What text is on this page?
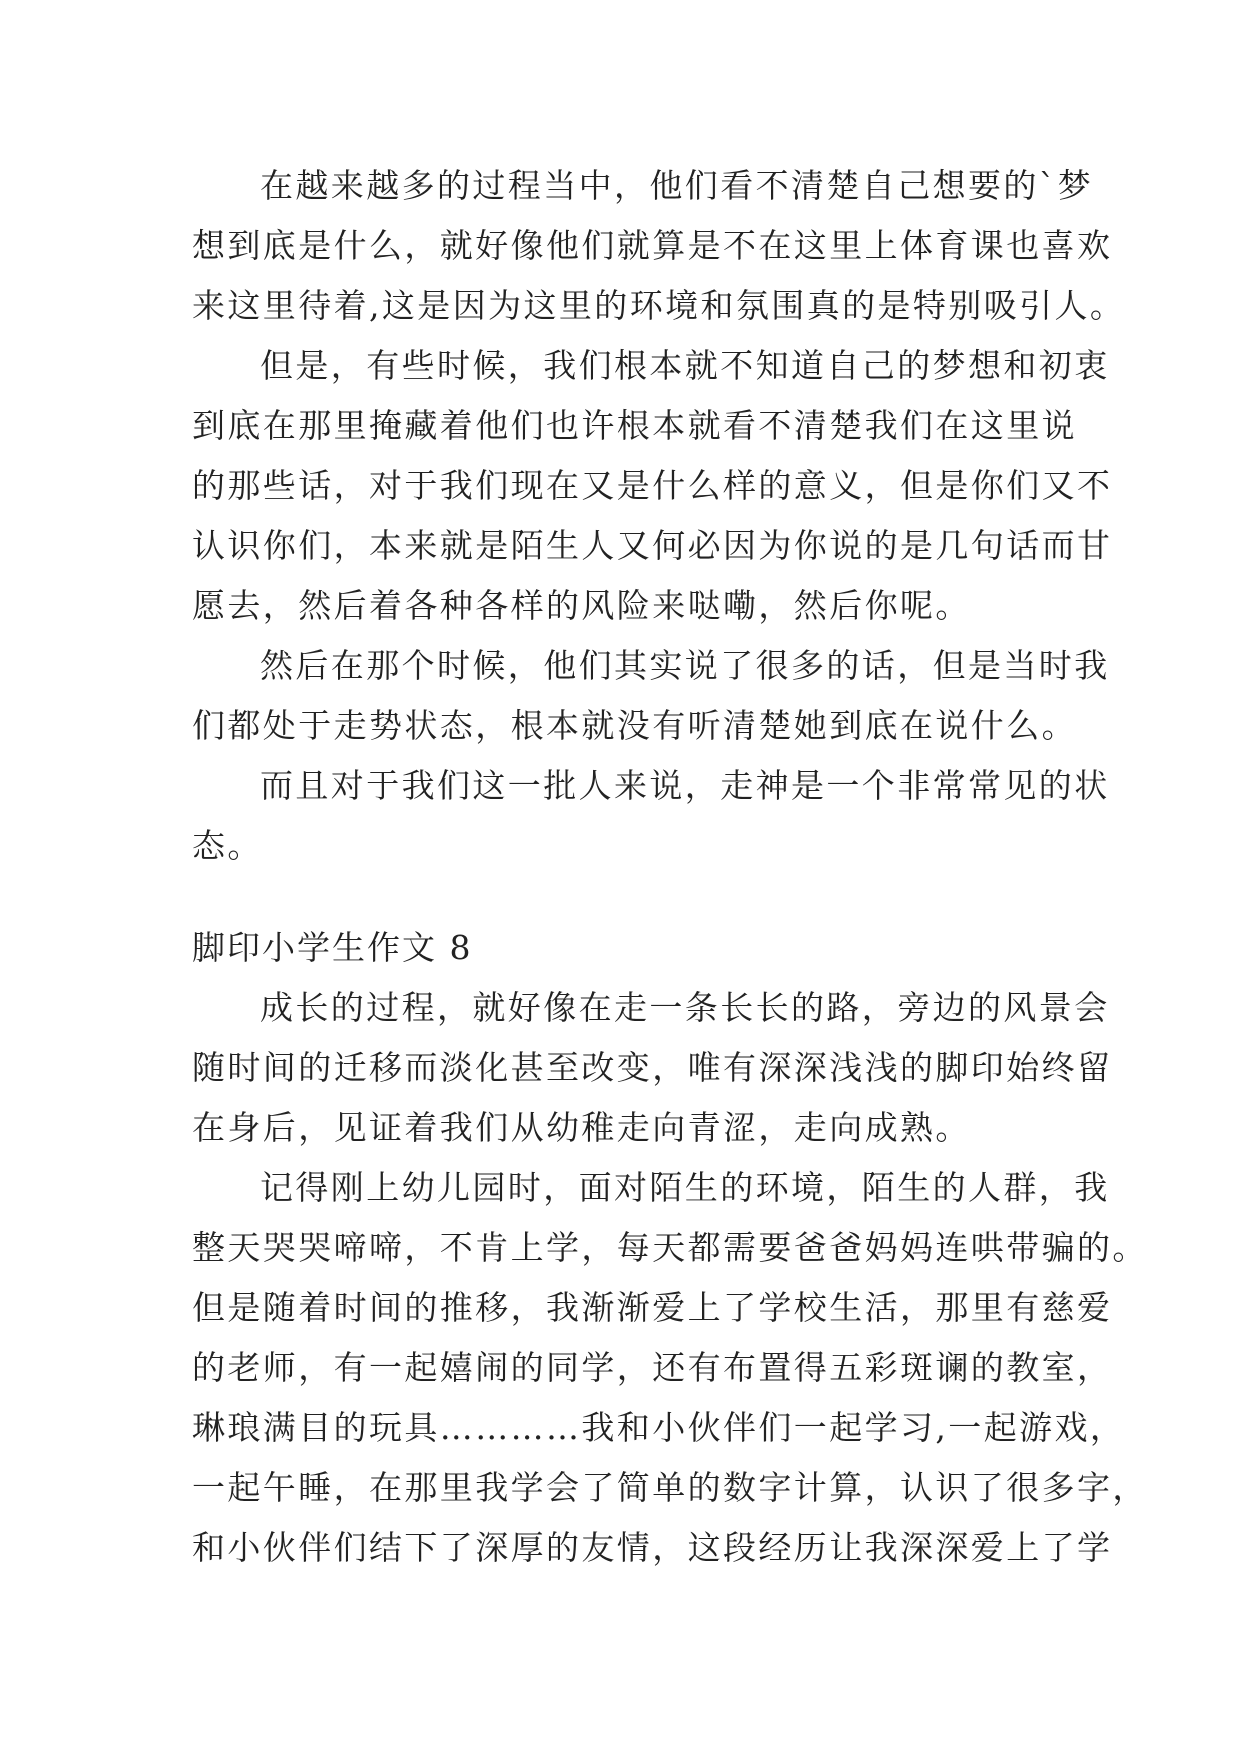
在越来越多的过程当中，他们看不清楚自己想要的`梦
想到底是什么，就好像他们就算是不在这里上体育课也喜欢
来这里待着,这是因为这里的环境和氛围真的是特别吸引人。
但是，有些时候，我们根本就不知道自己的梦想和初衷
到底在那里掩藏着他们也许根本就看不清楚我们在这里说
的那些话，对于我们现在又是什么样的意义，但是你们又不
认识你们，本来就是陌生人又何必因为你说的是几句话而甘
愿去，然后着各种各样的风险来哒嘞，然后你呢。
然后在那个时候，他们其实说了很多的话，但是当时我
们都处于走势状态，根本就没有听清楚她到底在说什么。
而且对于我们这一批人来说，走神是一个非常常见的状
态。
脚印小学生作文 8
成长的过程，就好像在走一条长长的路，旁边的风景会
随时间的迁移而淡化甚至改变，唯有深深浅浅的脚印始终留
在身后，见证着我们从幼稚走向青涩，走向成熟。
记得刚上幼儿园时，面对陌生的环境，陌生的人群，我
整天哭哭啼啼，不肯上学，每天都需要爸爸妈妈连哄带骗的。
但是随着时间的推移，我渐渐爱上了学校生活，那里有慈爱
的老师，有一起嬉闹的同学，还有布置得五彩斑谰的教室，
琳琅满目的玩具…………我和小伙伴们一起学习,一起游戏，
一起午睡，在那里我学会了简单的数字计算，认识了很多字，
和小伙伴们结下了深厚的友情，这段经历让我深深爱上了学
